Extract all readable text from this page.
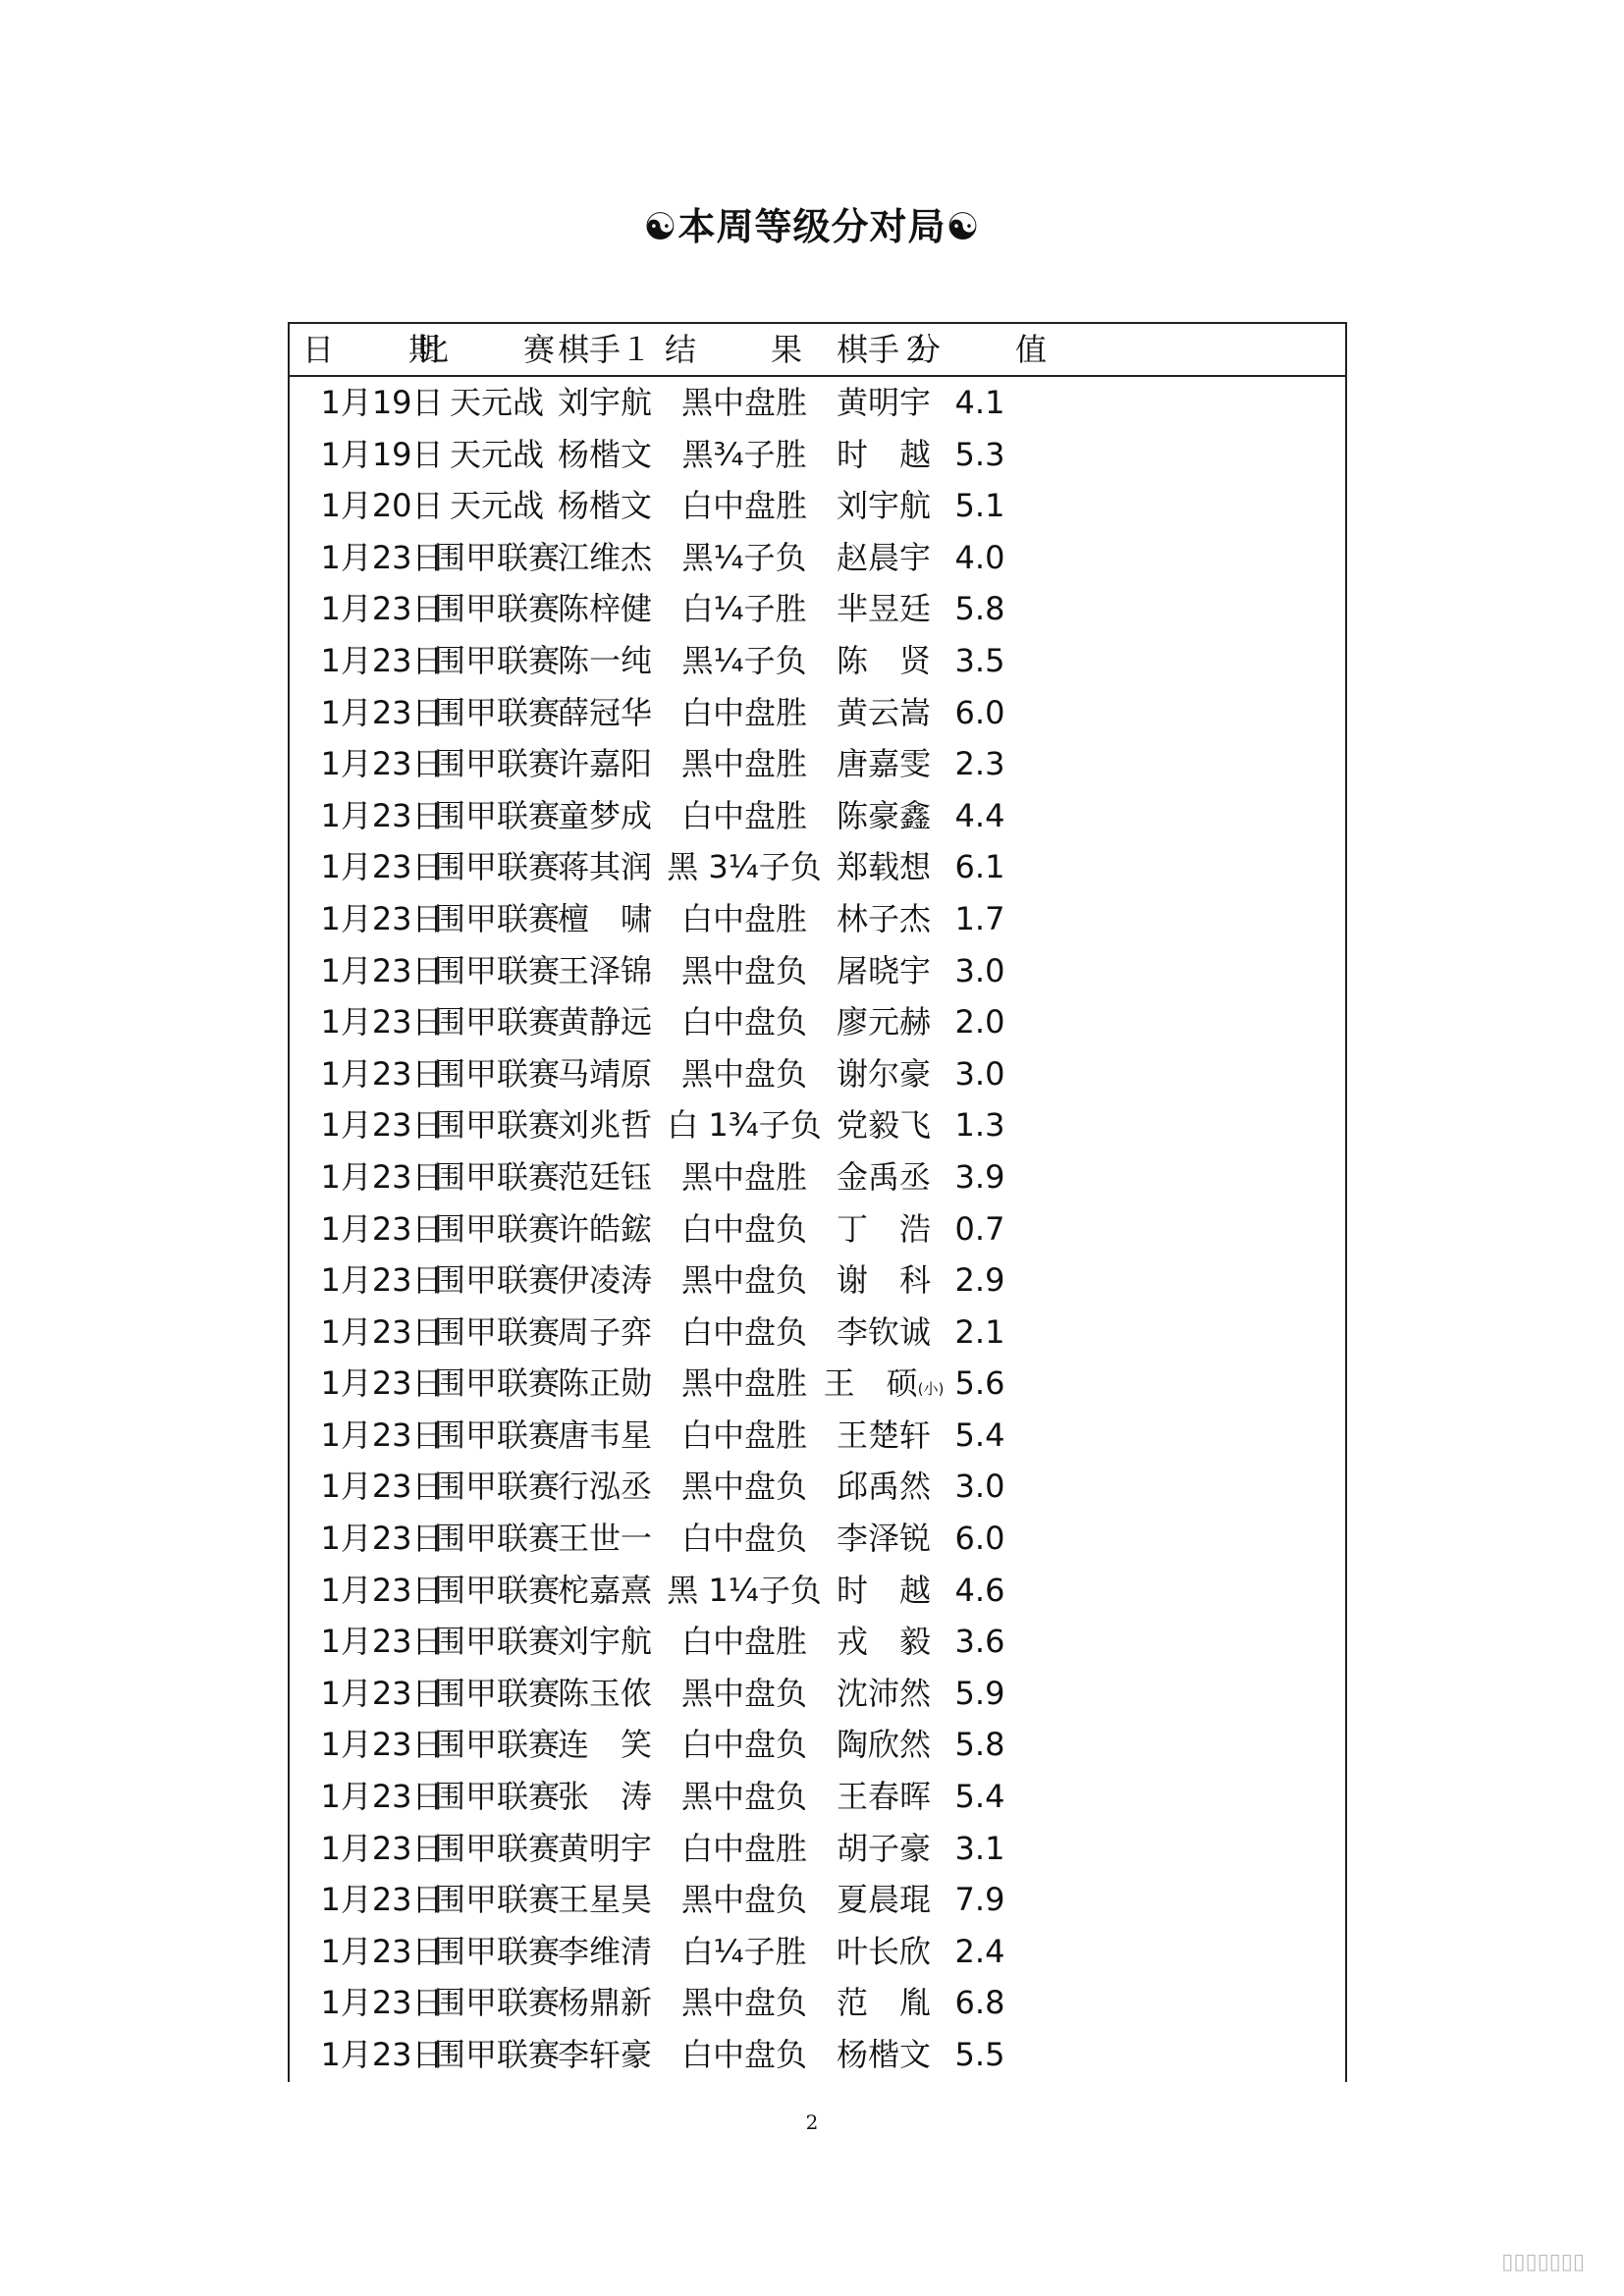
☯本周等级分对局☯
日　期
比　赛
棋手１ 结　果 棋手２
分　值
1月19日 天元战 刘宇航 黑中盘胜 黄明宇 4.1
1月19日 天元战 杨楷文 黑¾子胜 时　越 5.3
1月20日 天元战 杨楷文 白中盘胜 刘宇航 5.1
1月23日
围甲联赛
江维杰 黑¼子负 赵晨宇 4.0
1月23日
围甲联赛
陈梓健 白¼子胜 芈昱廷 5.8
1月23日
围甲联赛
陈一纯 黑¼子负 陈　贤 3.5
1月23日
围甲联赛
薛冠华 白中盘胜 黄云嵩 6.0
1月23日
围甲联赛
许嘉阳 黑中盘胜 唐嘉雯 2.3
1月23日
围甲联赛
童梦成 白中盘胜 陈豪鑫 4.4
1月23日
围甲联赛
蒋其润 黑 3¼子负 郑载想 6.1
1月23日
围甲联赛
檀　啸 白中盘胜 林子杰 1.7
1月23日
围甲联赛
王泽锦 黑中盘负 屠晓宇 3.0
1月23日
围甲联赛
黄静远 白中盘负 廖元赫 2.0
1月23日
围甲联赛
马靖原 黑中盘负 谢尔豪 3.0
1月23日
围甲联赛
刘兆哲 白 1¾子负 党毅飞 1.3
1月23日
围甲联赛
范廷钰 黑中盘胜 金禹丞 3.9
1月23日
围甲联赛
许皓鋐 白中盘负 丁　浩 0.7
1月23日
围甲联赛
伊凌涛 黑中盘负 谢　科 2.9
1月23日
围甲联赛
周子弈 白中盘负 李钦诚 2.1
1月23日
围甲联赛
陈正勋 黑中盘胜 王　硕(小) 5.6
1月23日
围甲联赛
唐韦星 白中盘胜 王楚轩 5.4
1月23日
围甲联赛
行泓丞 黑中盘负 邱禹然 3.0
1月23日
围甲联赛
王世一 白中盘负 李泽锐 6.0
1月23日
围甲联赛
柁嘉熹 黑 1¼子负 时　越 4.6
1月23日
围甲联赛
刘宇航 白中盘胜 戎　毅 3.6
1月23日
围甲联赛
陈玉侬 黑中盘负 沈沛然 5.9
1月23日
围甲联赛
连　笑 白中盘负 陶欣然 5.8
1月23日
围甲联赛
张　涛 黑中盘负 王春晖 5.4
1月23日
围甲联赛
黄明宇 白中盘胜 胡子豪 3.1
1月23日
围甲联赛
王星昊 黑中盘负 夏晨琨 7.9
1月23日
围甲联赛
李维清 白¼子胜 叶长欣 2.4
1月23日
围甲联赛
杨鼎新 黑中盘负 范　胤 6.8
1月23日
围甲联赛
李轩豪 白中盘负 杨楷文 5.5
2
▯▯▯▯▯▯▯
